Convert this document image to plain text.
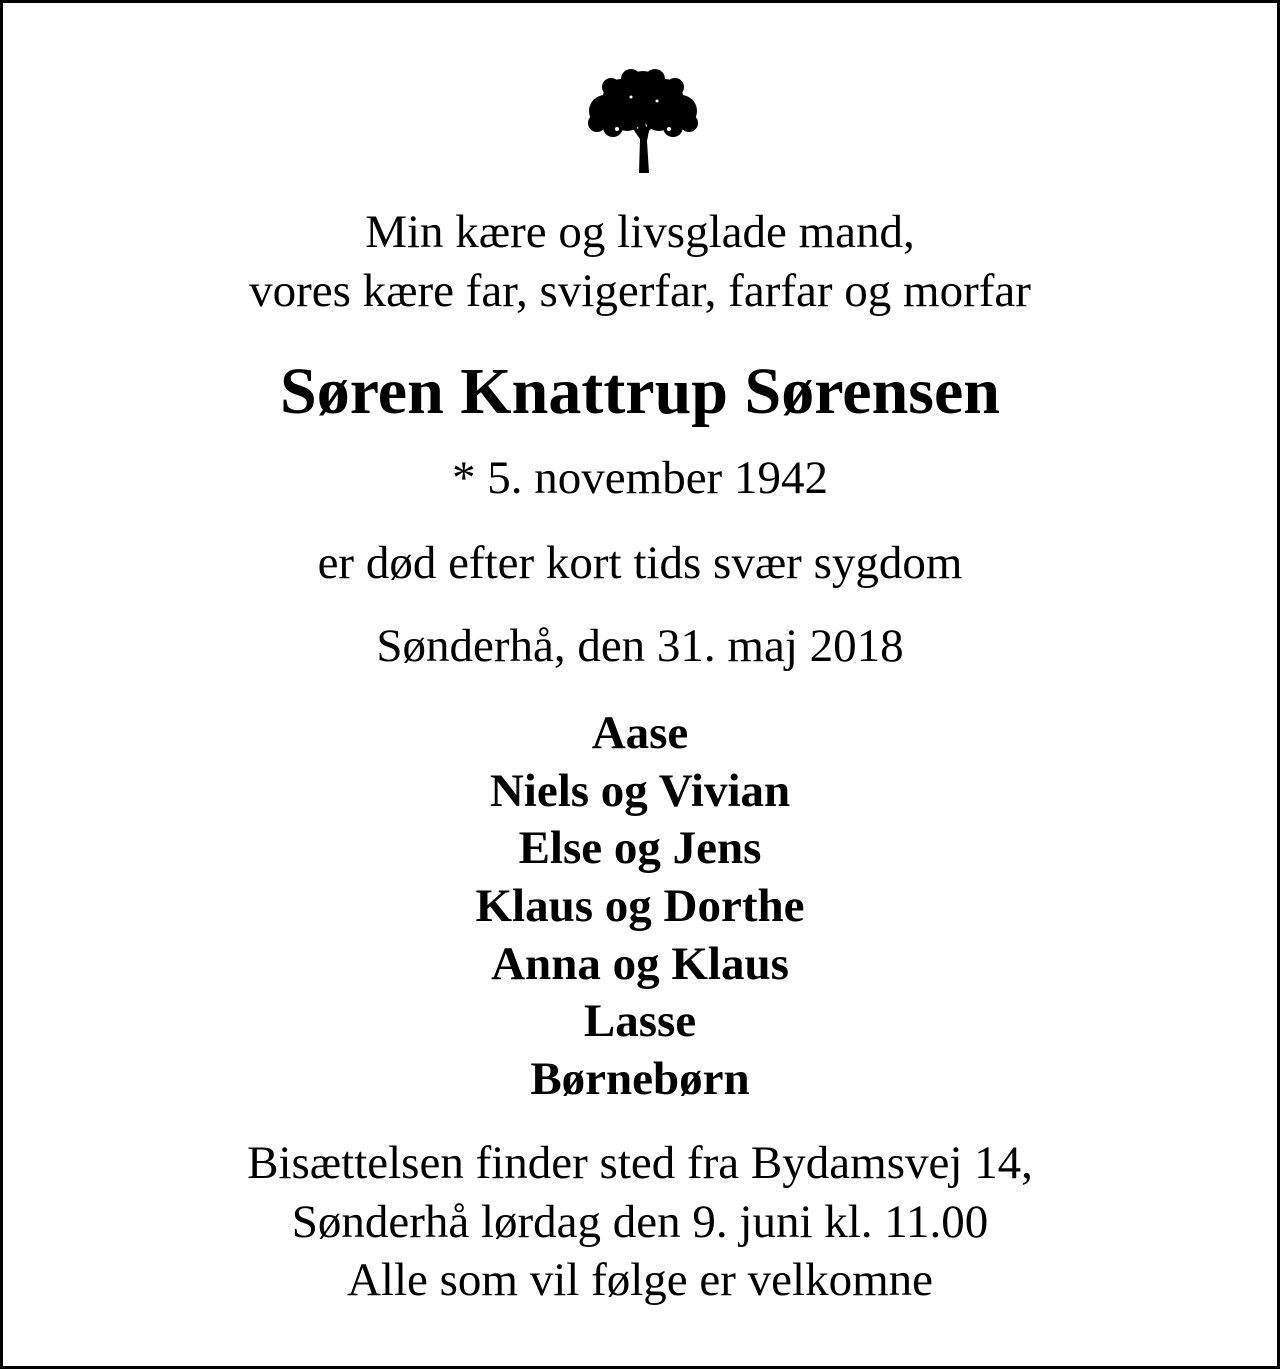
Min kære og livsglade mand,
vores kære far, svigerfar, farfar og morfar
Søren Knattrup Sørensen
* 5. november 1942
er død efter kort tids svær sygdom
Sønderhå, den 31. maj 2018
Aase
Niels og Vivian
Else og Jens
Klaus og Dorthe
Anna og Klaus
Lasse
Børnebørn
Bisættelsen finder sted fra Bydamsvej 14,
Sønderhå lørdag den 9. juni kl. 11.00
Alle som vil følge er velkomne
